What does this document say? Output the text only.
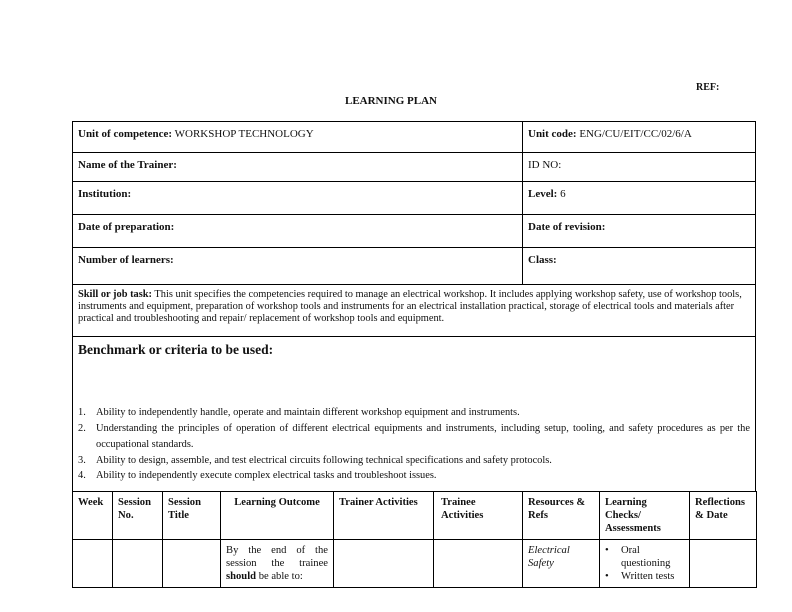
REF:
LEARNING PLAN
Unit of competence: WORKSHOP TECHNOLOGY	Unit code: ENG/CU/EIT/CC/02/6/A
Name of the Trainer:	ID NO:
Institution:	Level: 6
Date of preparation:	Date of revision:
Number of learners:	Class:
Skill or job task: This unit specifies the competencies required to manage an electrical workshop. It includes applying workshop safety, use of workshop tools, instruments and equipment, preparation of workshop tools and instruments for an electrical installation practical, storage of electrical tools and materials after practical and troubleshooting and repair/ replacement of workshop tools and equipment.
Benchmark or criteria to be used:
1. Ability to independently handle, operate and maintain different workshop equipment and instruments.
2. Understanding the principles of operation of different electrical equipments and instruments, including setup, tooling, and safety procedures as per the occupational standards.
3. Ability to design, assemble, and test electrical circuits following technical specifications and safety protocols.
4. Ability to independently execute complex electrical tasks and troubleshoot issues.
Week	Session No.	Session Title	Learning Outcome	Trainer Activities	Trainee Activities	Resources & Refs	Learning Checks/ Assessments	Reflections & Date
			By the end of the session the trainee should be able to:			Electrical Safety	• Oral questioning
• Written tests	
